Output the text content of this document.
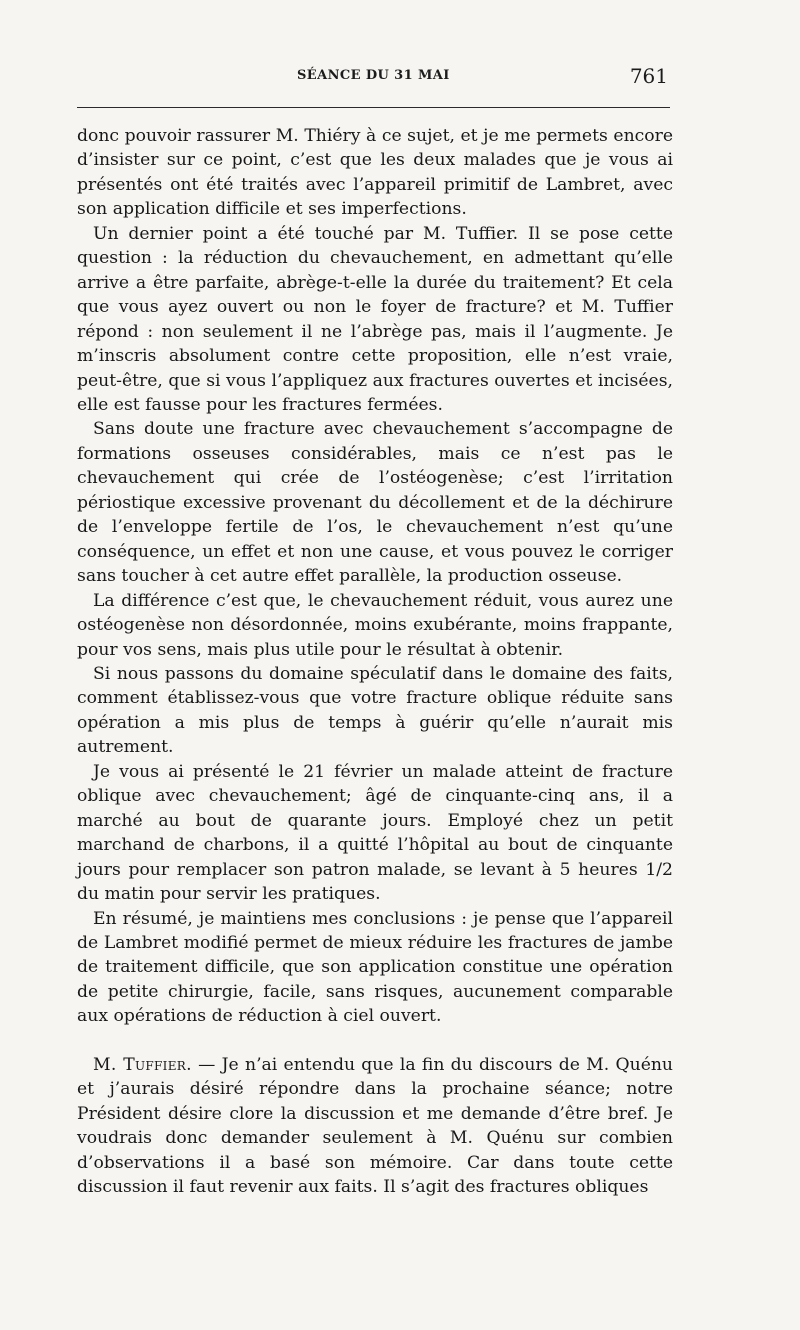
SÉANCE DU 31 MAI	761

donc pouvoir rassurer M. Thiéry à ce sujet, et je me permets encore d’insister sur ce point, c’est que les deux malades que je vous ai présentés ont été traités avec l’appareil primitif de Lambret, avec son application difficile et ses imperfections.

Un dernier point a été touché par M. Tuffier. Il se pose cette question : la réduction du chevauchement, en admettant qu’elle arrive a être parfaite, abrège-t-elle la durée du traitement? Et cela que vous ayez ouvert ou non le foyer de fracture? et M. Tuffier répond : non seulement il ne l’abrège pas, mais il l’augmente. Je m’inscris absolument contre cette proposition, elle n’est vraie, peut-être, que si vous l’appliquez aux fractures ouvertes et incisées, elle est fausse pour les fractures fermées.

Sans doute une fracture avec chevauchement s’accompagne de formations osseuses considérables, mais ce n’est pas le chevauchement qui crée de l’ostéogenèse; c’est l’irritation périostique excessive provenant du décollement et de la déchirure de l’enveloppe fertile de l’os, le chevauchement n’est qu’une conséquence, un effet et non une cause, et vous pouvez le corriger sans toucher à cet autre effet parallèle, la production osseuse.

La différence c’est que, le chevauchement réduit, vous aurez une ostéogenèse non désordonnée, moins exubérante, moins frappante, pour vos sens, mais plus utile pour le résultat à obtenir.

Si nous passons du domaine spéculatif dans le domaine des faits, comment établissez-vous que votre fracture oblique réduite sans opération a mis plus de temps à guérir qu’elle n’aurait mis autrement.

Je vous ai présenté le 21 février un malade atteint de fracture oblique avec chevauchement; âgé de cinquante-cinq ans, il a marché au bout de quarante jours. Employé chez un petit marchand de charbons, il a quitté l’hôpital au bout de cinquante jours pour remplacer son patron malade, se levant à 5 heures 1/2 du matin pour servir les pratiques.

En résumé, je maintiens mes conclusions : je pense que l’appareil de Lambret modifié permet de mieux réduire les fractures de jambe de traitement difficile, que son application constitue une opération de petite chirurgie, facile, sans risques, aucunement comparable aux opérations de réduction à ciel ouvert.

M. Tuffier. — Je n’ai entendu que la fin du discours de M. Quénu et j’aurais désiré répondre dans la prochaine séance; notre Président désire clore la discussion et me demande d’être bref. Je voudrais donc demander seulement à M. Quénu sur combien d’observations il a basé son mémoire. Car dans toute cette discussion il faut revenir aux faits. Il s’agit des fractures obliques
